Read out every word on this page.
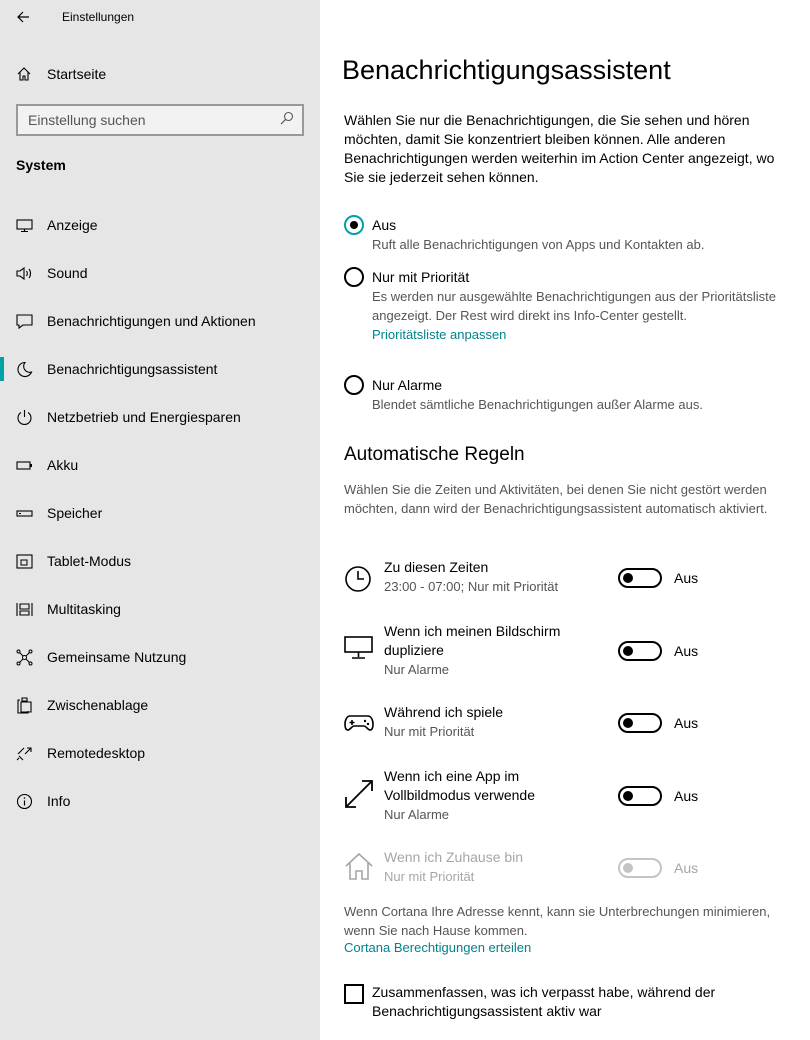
Einstellungen
Startseite
Einstellung suchen
System
Anzeige
Sound
Benachrichtigungen und Aktionen
Benachrichtigungsassistent
Netzbetrieb und Energiesparen
Akku
Speicher
Tablet-Modus
Multitasking
Gemeinsame Nutzung
Zwischenablage
Remotedesktop
Info
Benachrichtigungsassistent

Wählen Sie nur die Benachrichtigungen, die Sie sehen und hören möchten, damit Sie konzentriert bleiben können. Alle anderen Benachrichtigungen werden weiterhin im Action Center angezeigt, wo Sie sie jederzeit sehen können.

Aus
Ruft alle Benachrichtigungen von Apps und Kontakten ab.
Nur mit Priorität
Es werden nur ausgewählte Benachrichtigungen aus der Prioritätsliste angezeigt. Der Rest wird direkt ins Info-Center gestellt.
Prioritätsliste anpassen
Nur Alarme
Blendet sämtliche Benachrichtigungen außer Alarme aus.
Automatische Regeln

Wählen Sie die Zeiten und Aktivitäten, bei denen Sie nicht gestört werden möchten, dann wird der Benachrichtigungsassistent automatisch aktiviert.

Zu diesen Zeiten
23:00 - 07:00; Nur mit Priorität
Aus
Wenn ich meinen Bildschirm dupliziere
Nur Alarme
Aus
Während ich spiele
Nur mit Priorität
Aus
Wenn ich eine App im Vollbildmodus verwende
Nur Alarme
Aus
Wenn ich Zuhause bin
Nur mit Priorität
Aus

Wenn Cortana Ihre Adresse kennt, kann sie Unterbrechungen minimieren, wenn Sie nach Hause kommen.

Cortana Berechtigungen erteilen
Zusammenfassen, was ich verpasst habe, während der Benachrichtigungsassistent aktiv war
